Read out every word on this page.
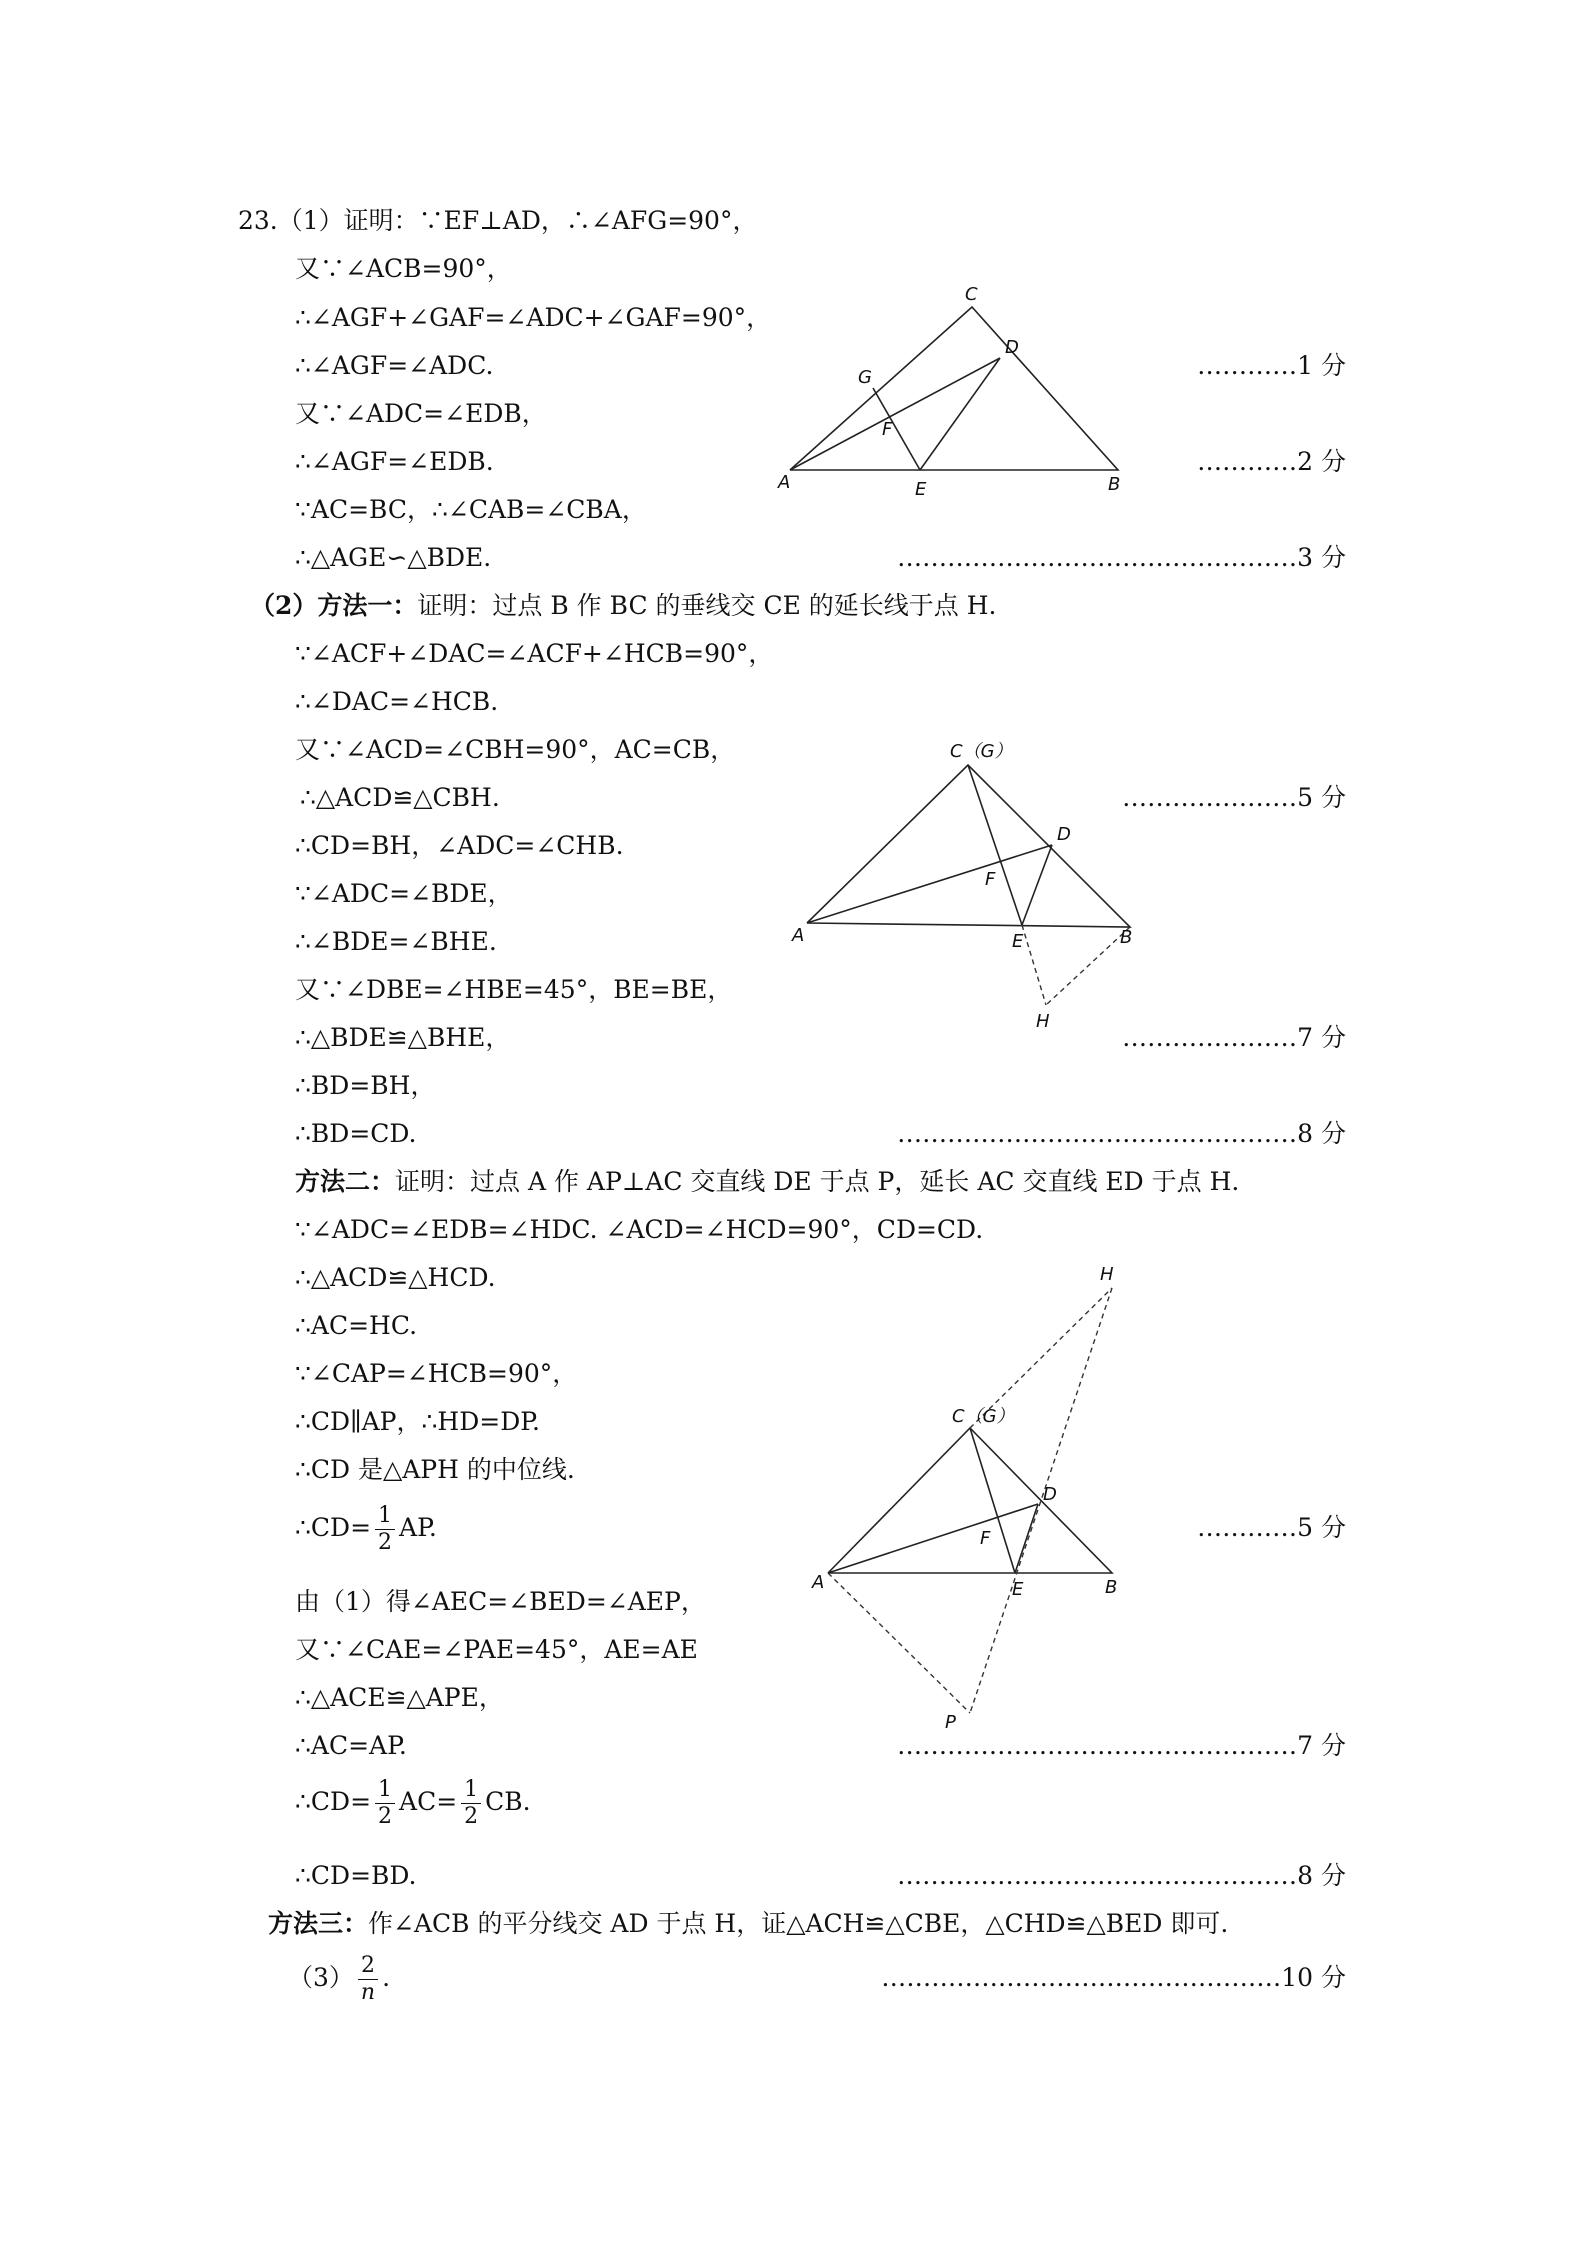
23.（1）证明：∵EF⊥AD，∴∠AFG=90°，
又∵∠ACB=90°，
∴∠AGF+∠GAF=∠ADC+∠GAF=90°，
∴∠AGF=∠ADC.
又∵∠ADC=∠EDB，
∴∠AGF=∠EDB.
∵AC=BC，∴∠CAB=∠CBA，
∴△AGE∽△BDE.
…………1 分
…………2 分
…………………………………………3 分
C
D
G
F
A	E	B
（2）方法一：证明：过点 B 作 BC 的垂线交 CE 的延长线于点 H.
∵∠ACF+∠DAC=∠ACF+∠HCB=90°，
∴∠DAC=∠HCB.
又∵∠ACD=∠CBH=90°，AC=CB，
∴△ACD≌△CBH.
∴CD=BH，∠ADC=∠CHB.
∵∠ADC=∠BDE，
∴∠BDE=∠BHE.
又∵∠DBE=∠HBE=45°，BE=BE，
∴△BDE≌△BHE，
∴BD=BH，
∴BD=CD.
…………………5 分
…………………7 分
…………………………………………8 分
C（G）
D
F
A	E	B
H
方法二：证明：过点 A 作 AP⊥AC 交直线 DE 于点 P，延长 AC 交直线 ED 于点 H.
∵∠ADC=∠EDB=∠HDC. ∠ACD=∠HCD=90°，CD=CD.
∴△ACD≌△HCD.
∴AC=HC.
∵∠CAP=∠HCB=90°，
∴CD∥AP，∴HD=DP.
∴CD 是△APH 的中位线.
∴CD= $\frac{1}{2}$ AP.
由（1）得∠AEC=∠BED=∠AEP，
又∵∠CAE=∠PAE=45°，AE=AE
∴△ACE≌△APE，
∴AC=AP.
∴CD= $\frac{1}{2} AC= \frac{1}{2}$ CB.
∴CD=BD.
…………5 分
…………………………………………7 分
…………………………………………8 分
H
C（G）
D
F
A	E	B
P
方法三：作∠ACB 的平分线交 AD 于点 H，证△ACH≌△CBE，△CHD≌△BED 即可.
$(3) \frac{2}{n}$ .	…………………………………………10 分
